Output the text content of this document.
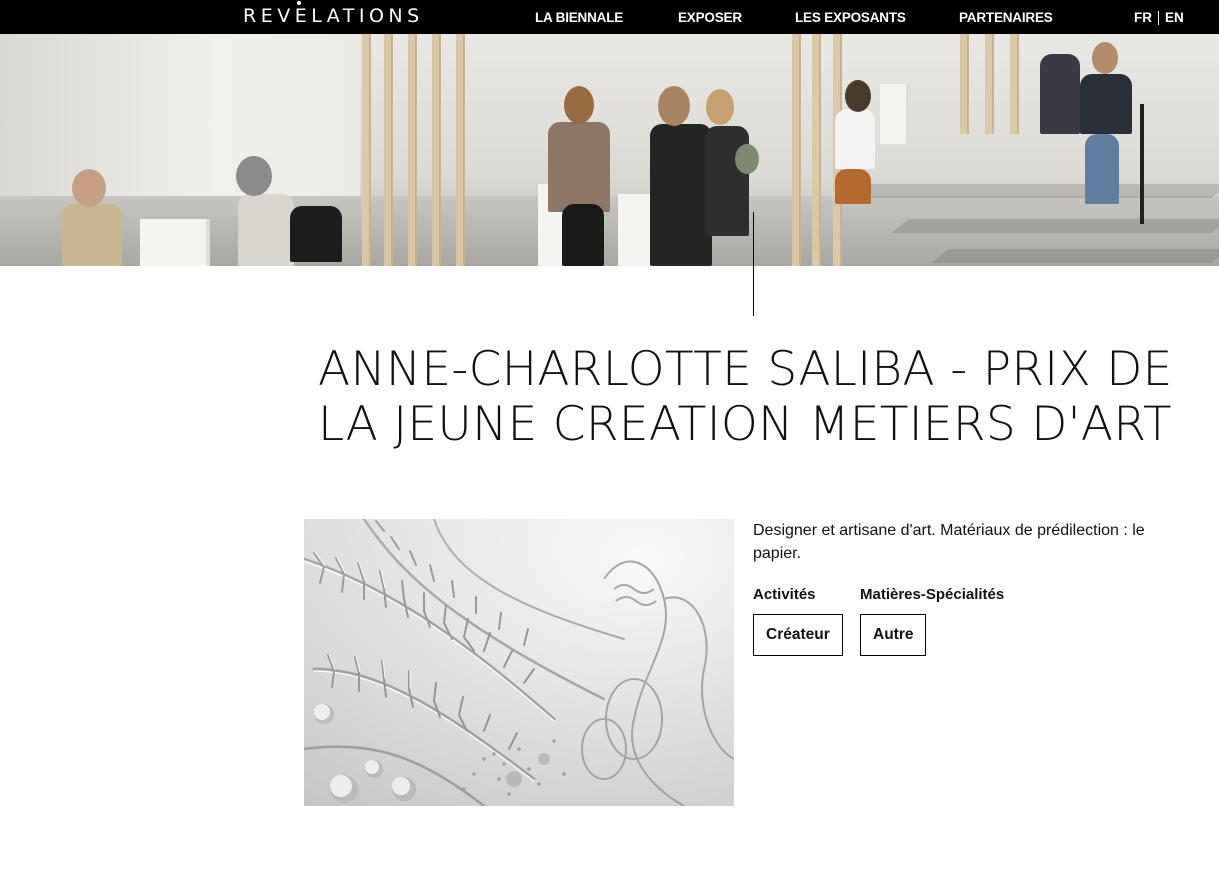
REVELATIONS	LA BIENNALE	EXPOSER	LES EXPOSANTS	PARTENAIRES	FR EN
ANNE-CHARLOTTE SALIBA - PRIX DE
LA JEUNE CREATION METIERS D'ART

Designer et artisane d'art. Matériaux de prédilection : le papier.

Activités
Créateur
Matières-Spécialités
Autre
